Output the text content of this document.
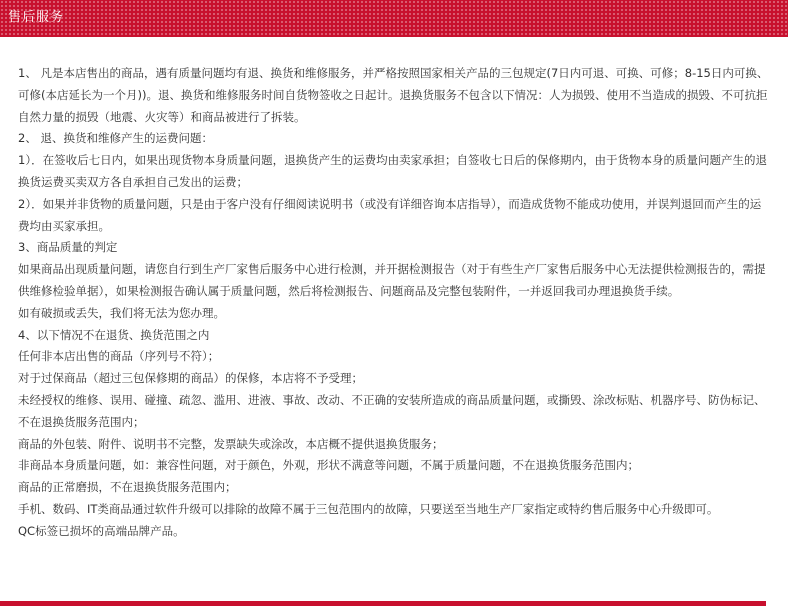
售后服务

1、 凡是本店售出的商品，遇有质量问题均有退、换货和维修服务，并严格按照国家相关产品的三包规定(7日内可退、可换、可修；8-15日内可换、可修(本店延长为一个月))。退、换货和维修服务时间自货物签收之日起计。退换货服务不包含以下情况：人为损毁、使用不当造成的损毁、不可抗拒自然力量的损毁（地震、火灾等）和商品被进行了拆装。

2、 退、换货和维修产生的运费问题：

1）．在签收后七日内，如果出现货物本身质量问题，退换货产生的运费均由卖家承担；自签收七日后的保修期内，由于货物本身的质量问题产生的退换货运费买卖双方各自承担自己发出的运费；

2）．如果并非货物的质量问题，只是由于客户没有仔细阅读说明书（或没有详细咨询本店指导），而造成货物不能成功使用，并误判退回而产生的运费均由买家承担。

3、商品质量的判定

如果商品出现质量问题，请您自行到生产厂家售后服务中心进行检测，并开据检测报告（对于有些生产厂家售后服务中心无法提供检测报告的，需提供维修检验单据），如果检测报告确认属于质量问题，然后将检测报告、问题商品及完整包装附件，一并返回我司办理退换货手续。

如有破损或丢失，我们将无法为您办理。

4、以下情况不在退货、换货范围之内

任何非本店出售的商品（序列号不符）；

对于过保商品（超过三包保修期的商品）的保修，本店将不予受理；

未经授权的维修、误用、碰撞、疏忽、滥用、进液、事故、改动、不正确的安装所造成的商品质量问题，或撕毁、涂改标贴、机器序号、防伪标记、不在退换货服务范围内；

商品的外包装、附件、说明书不完整，发票缺失或涂改，本店概不提供退换货服务；

非商品本身质量问题，如：兼容性问题，对于颜色，外观，形状不满意等问题，不属于质量问题，不在退换货服务范围内；

商品的正常磨损，不在退换货服务范围内；

手机、数码、IT类商品通过软件升级可以排除的故障不属于三包范围内的故障，只要送至当地生产厂家指定或特约售后服务中心升级即可。

QC标签已损坏的高端品牌产品。
